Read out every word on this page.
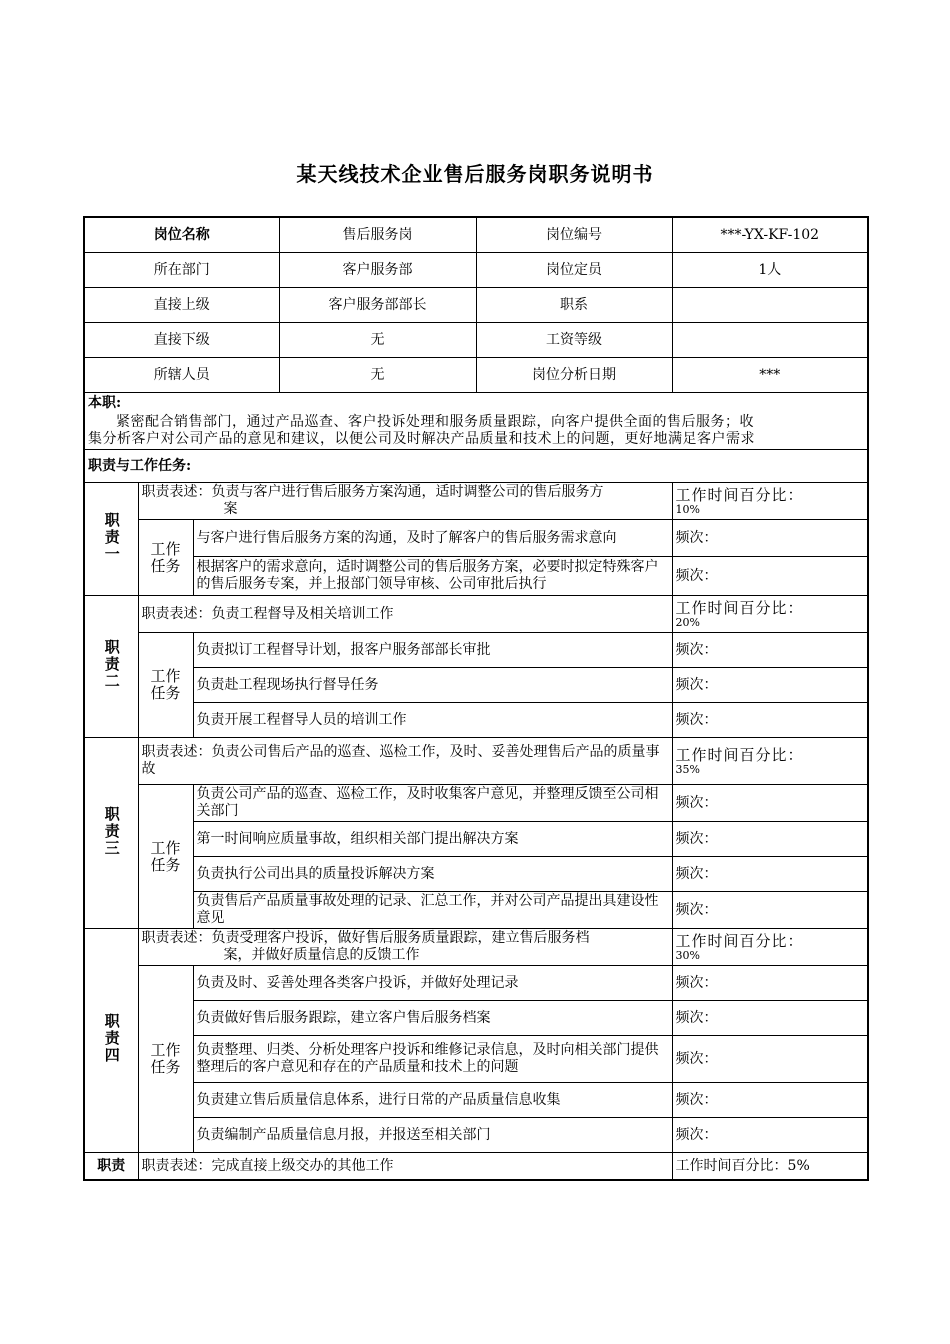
某天线技术企业售后服务岗职务说明书
岗位名称			售后服务岗	岗位编号	***-YX-KF-102
所在部门			客户服务部	岗位定员	1人
直接上级			客户服务部部长	职系	
直接下级			无	工资等级	
所辖人员			无	岗位分析日期	***
本职:					

紧密配合销售部门，通过产品巡查、客户投诉处理和服务质量跟踪，向客户提供全面的售后服务；收
集分析客户对公司产品的意见和建议，以便公司及时解决产品质量和技术上的问题，更好地满足客户需求					

职责与工作任务:					
职责一	职责表述：负责与客户进行售后服务方案沟通，适时调整公司的售后服务方
案				工作时间百分比：
10%

	工作任务	与客户进行售后服务方案的沟通，及时了解客户的售后服务需求意向			频次：
		根据客户的需求意向，适时调整公司的售后服务方案，必要时拟定特殊客户的售后服务专案，并上报部门领导审核、公司审批后执行			频次：
职责二	职责表述：负责工程督导及相关培训工作				工作时间百分比：
20%

	工作任务	负责拟订工程督导计划，报客户服务部部长审批			频次：
		负责赴工程现场执行督导任务			频次：
		负责开展工程督导人员的培训工作			频次：
职责三	职责表述：负责公司售后产品的巡查、巡检工作，及时、妥善处理售后产品的质量事故				工作时间百分比：
35%

	工作任务	负责公司产品的巡查、巡检工作，及时收集客户意见，并整理反馈至公司相关部门			频次：
		第一时间响应质量事故，组织相关部门提出解决方案			频次：
		负责执行公司出具的质量投诉解决方案			频次：
		负责售后产品质量事故处理的记录、汇总工作，并对公司产品提出具建设性意见			频次：
职责四	职责表述：负责受理客户投诉，做好售后服务质量跟踪，建立售后服务档
案，并做好质量信息的反馈工作				工作时间百分比：
30%

	工作任务	负责及时、妥善处理各类客户投诉，并做好处理记录			频次：
		负责做好售后服务跟踪，建立客户售后服务档案			频次：
		负责整理、归类、分析处理客户投诉和维修记录信息，及时向相关部门提供整理后的客户意见和存在的产品质量和技术上的问题			频次：
		负责建立售后质量信息体系，进行日常的产品质量信息收集			频次：
		负责编制产品质量信息月报，并报送至相关部门			频次：
职责	职责表述：完成直接上级交办的其他工作				工作时间百分比：5%
